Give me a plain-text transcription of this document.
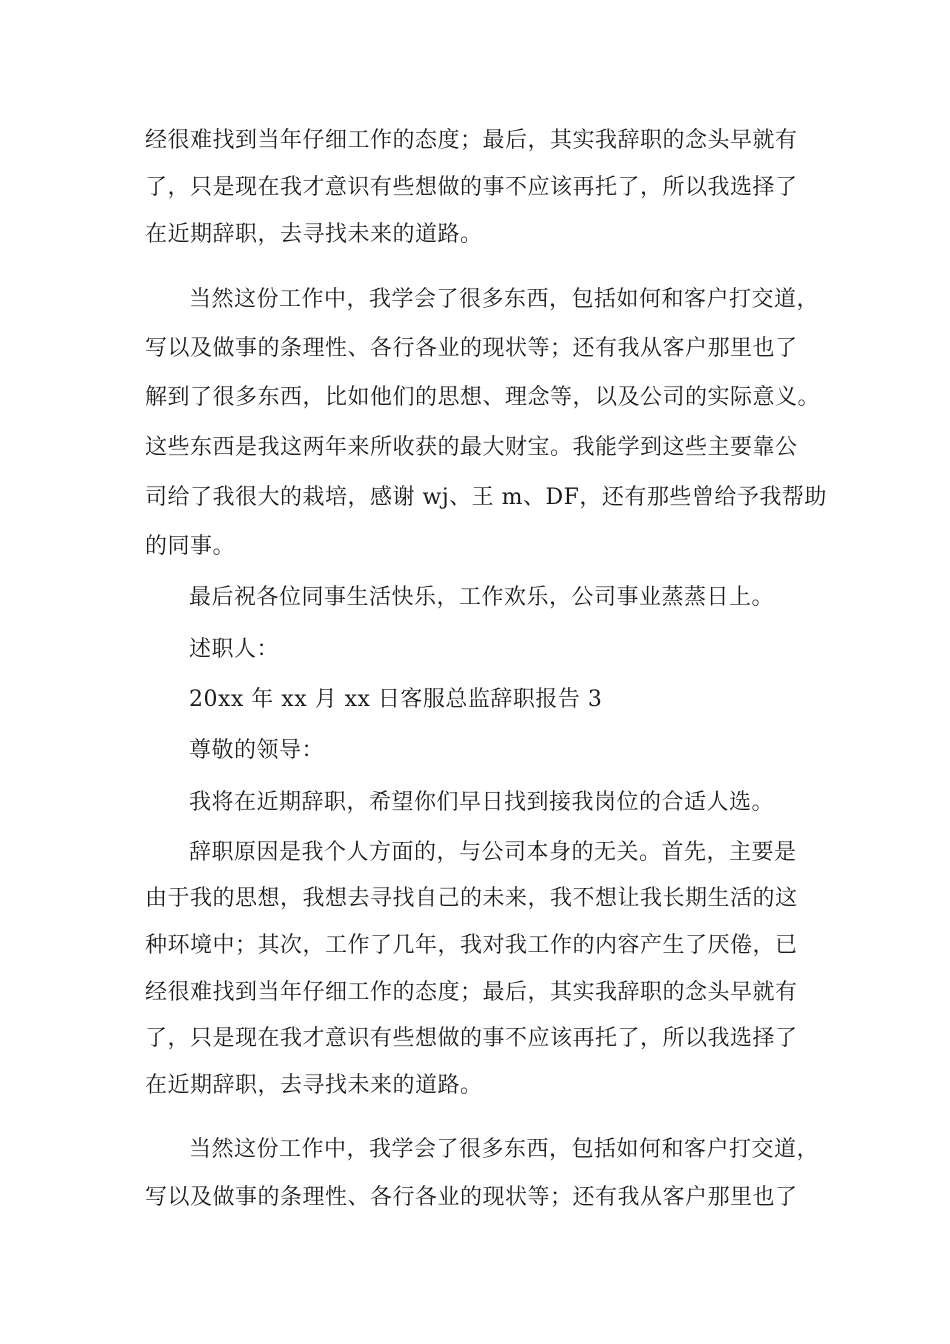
经很难找到当年仔细工作的态度；最后，其实我辞职的念头早就有
了，只是现在我才意识有些想做的事不应该再托了，所以我选择了
在近期辞职，去寻找未来的道路。
当然这份工作中，我学会了很多东西，包括如何和客户打交道，
写以及做事的条理性、各行各业的现状等；还有我从客户那里也了
解到了很多东西，比如他们的思想、理念等，以及公司的实际意义。
这些东西是我这两年来所收获的最大财宝。我能学到这些主要靠公
司给了我很大的栽培，感谢 wj、王 m、DF，还有那些曾给予我帮助
的同事。
最后祝各位同事生活快乐，工作欢乐，公司事业蒸蒸日上。
述职人：
20xx 年 xx 月 xx 日客服总监辞职报告 3
尊敬的领导：
我将在近期辞职，希望你们早日找到接我岗位的合适人选。
辞职原因是我个人方面的，与公司本身的无关。首先，主要是
由于我的思想，我想去寻找自己的未来，我不想让我长期生活的这
种环境中；其次，工作了几年，我对我工作的内容产生了厌倦，已
经很难找到当年仔细工作的态度；最后，其实我辞职的念头早就有
了，只是现在我才意识有些想做的事不应该再托了，所以我选择了
在近期辞职，去寻找未来的道路。
当然这份工作中，我学会了很多东西，包括如何和客户打交道，
写以及做事的条理性、各行各业的现状等；还有我从客户那里也了
